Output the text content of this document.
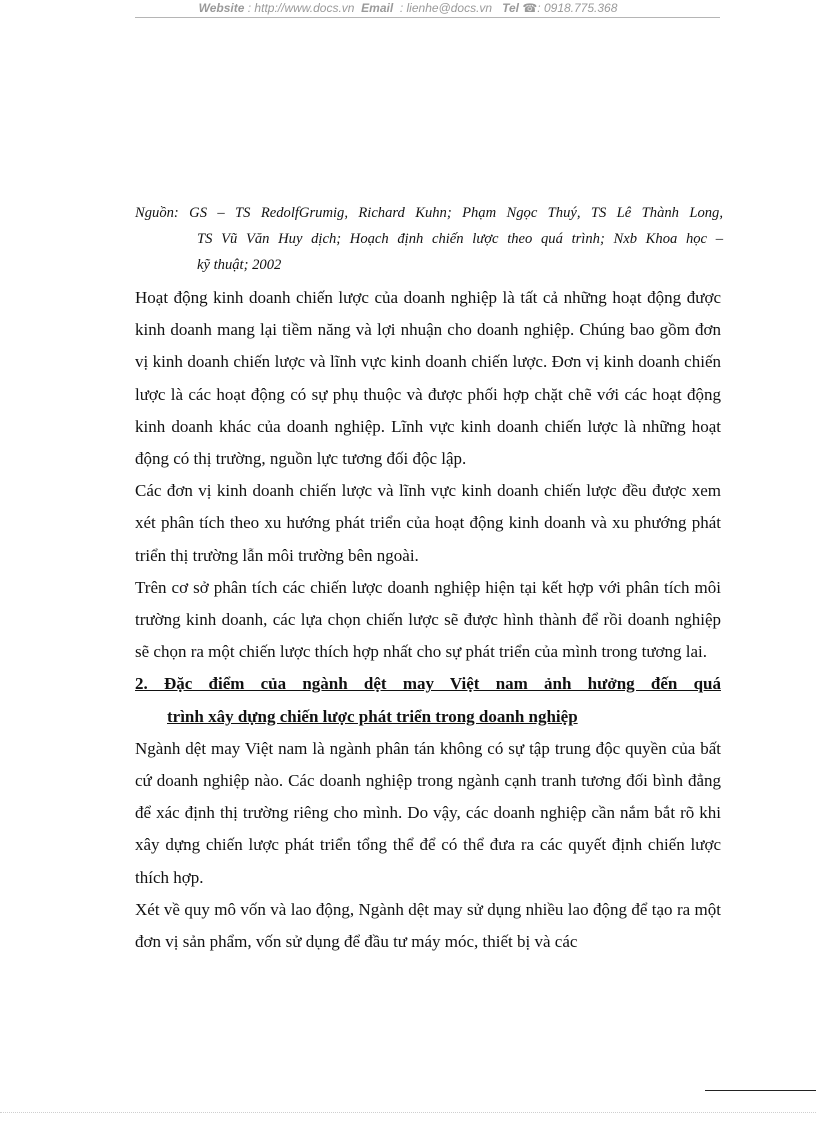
Website : http://www.docs.vn Email : lienhe@docs.vn Tel ☎: 0918.775.368
Nguồn: GS – TS RedolfGrumig, Richard Kuhn; Phạm Ngọc Thuý, TS Lê Thành Long,
TS Vũ Văn Huy dịch; Hoạch định chiến lược theo quá trình; Nxb Khoa học –
kỹ thuật; 2002

Hoạt động kinh doanh chiến lược của doanh nghiệp là tất cả những hoạt động được kinh doanh mang lại tiềm năng và lợi nhuận cho doanh nghiệp. Chúng bao gồm đơn vị kinh doanh chiến lược và lĩnh vực kinh doanh chiến lược. Đơn vị kinh doanh chiến lược là các hoạt động có sự phụ thuộc và được phối hợp chặt chẽ với các hoạt động kinh doanh khác của doanh nghiệp. Lĩnh vực kinh doanh chiến lược là những hoạt động có thị trường, nguồn lực tương đối độc lập.

Các đơn vị kinh doanh chiến lược và lĩnh vực kinh doanh chiến lược đều được xem xét phân tích theo xu hướng phát triển của hoạt động kinh doanh và xu phướng phát triển thị trường lẫn môi trường bên ngoài.

Trên cơ sở phân tích các chiến lược doanh nghiệp hiện tại kết hợp với phân tích môi trường kinh doanh, các lựa chọn chiến lược sẽ được hình thành để rồi doanh nghiệp sẽ chọn ra một chiến lược thích hợp nhất cho sự phát triển của mình trong tương lai.

2. Đặc điểm của ngành dệt may Việt nam ảnh hưởng đến quá
trình xây dựng chiến lược phát triển trong doanh nghiệp

Ngành dệt may Việt nam là ngành phân tán không có sự tập trung độc quyền của bất cứ doanh nghiệp nào. Các doanh nghiệp trong ngành cạnh tranh tương đối bình đẳng để xác định thị trường riêng cho mình. Do vậy, các doanh nghiệp cần nắm bắt rõ khi xây dựng chiến lược phát triển tổng thể để có thể đưa ra các quyết định chiến lược thích hợp.

Xét về quy mô vốn và lao động, Ngành dệt may sử dụng nhiều lao động để tạo ra một đơn vị sản phẩm, vốn sử dụng để đầu tư máy móc, thiết bị và các
